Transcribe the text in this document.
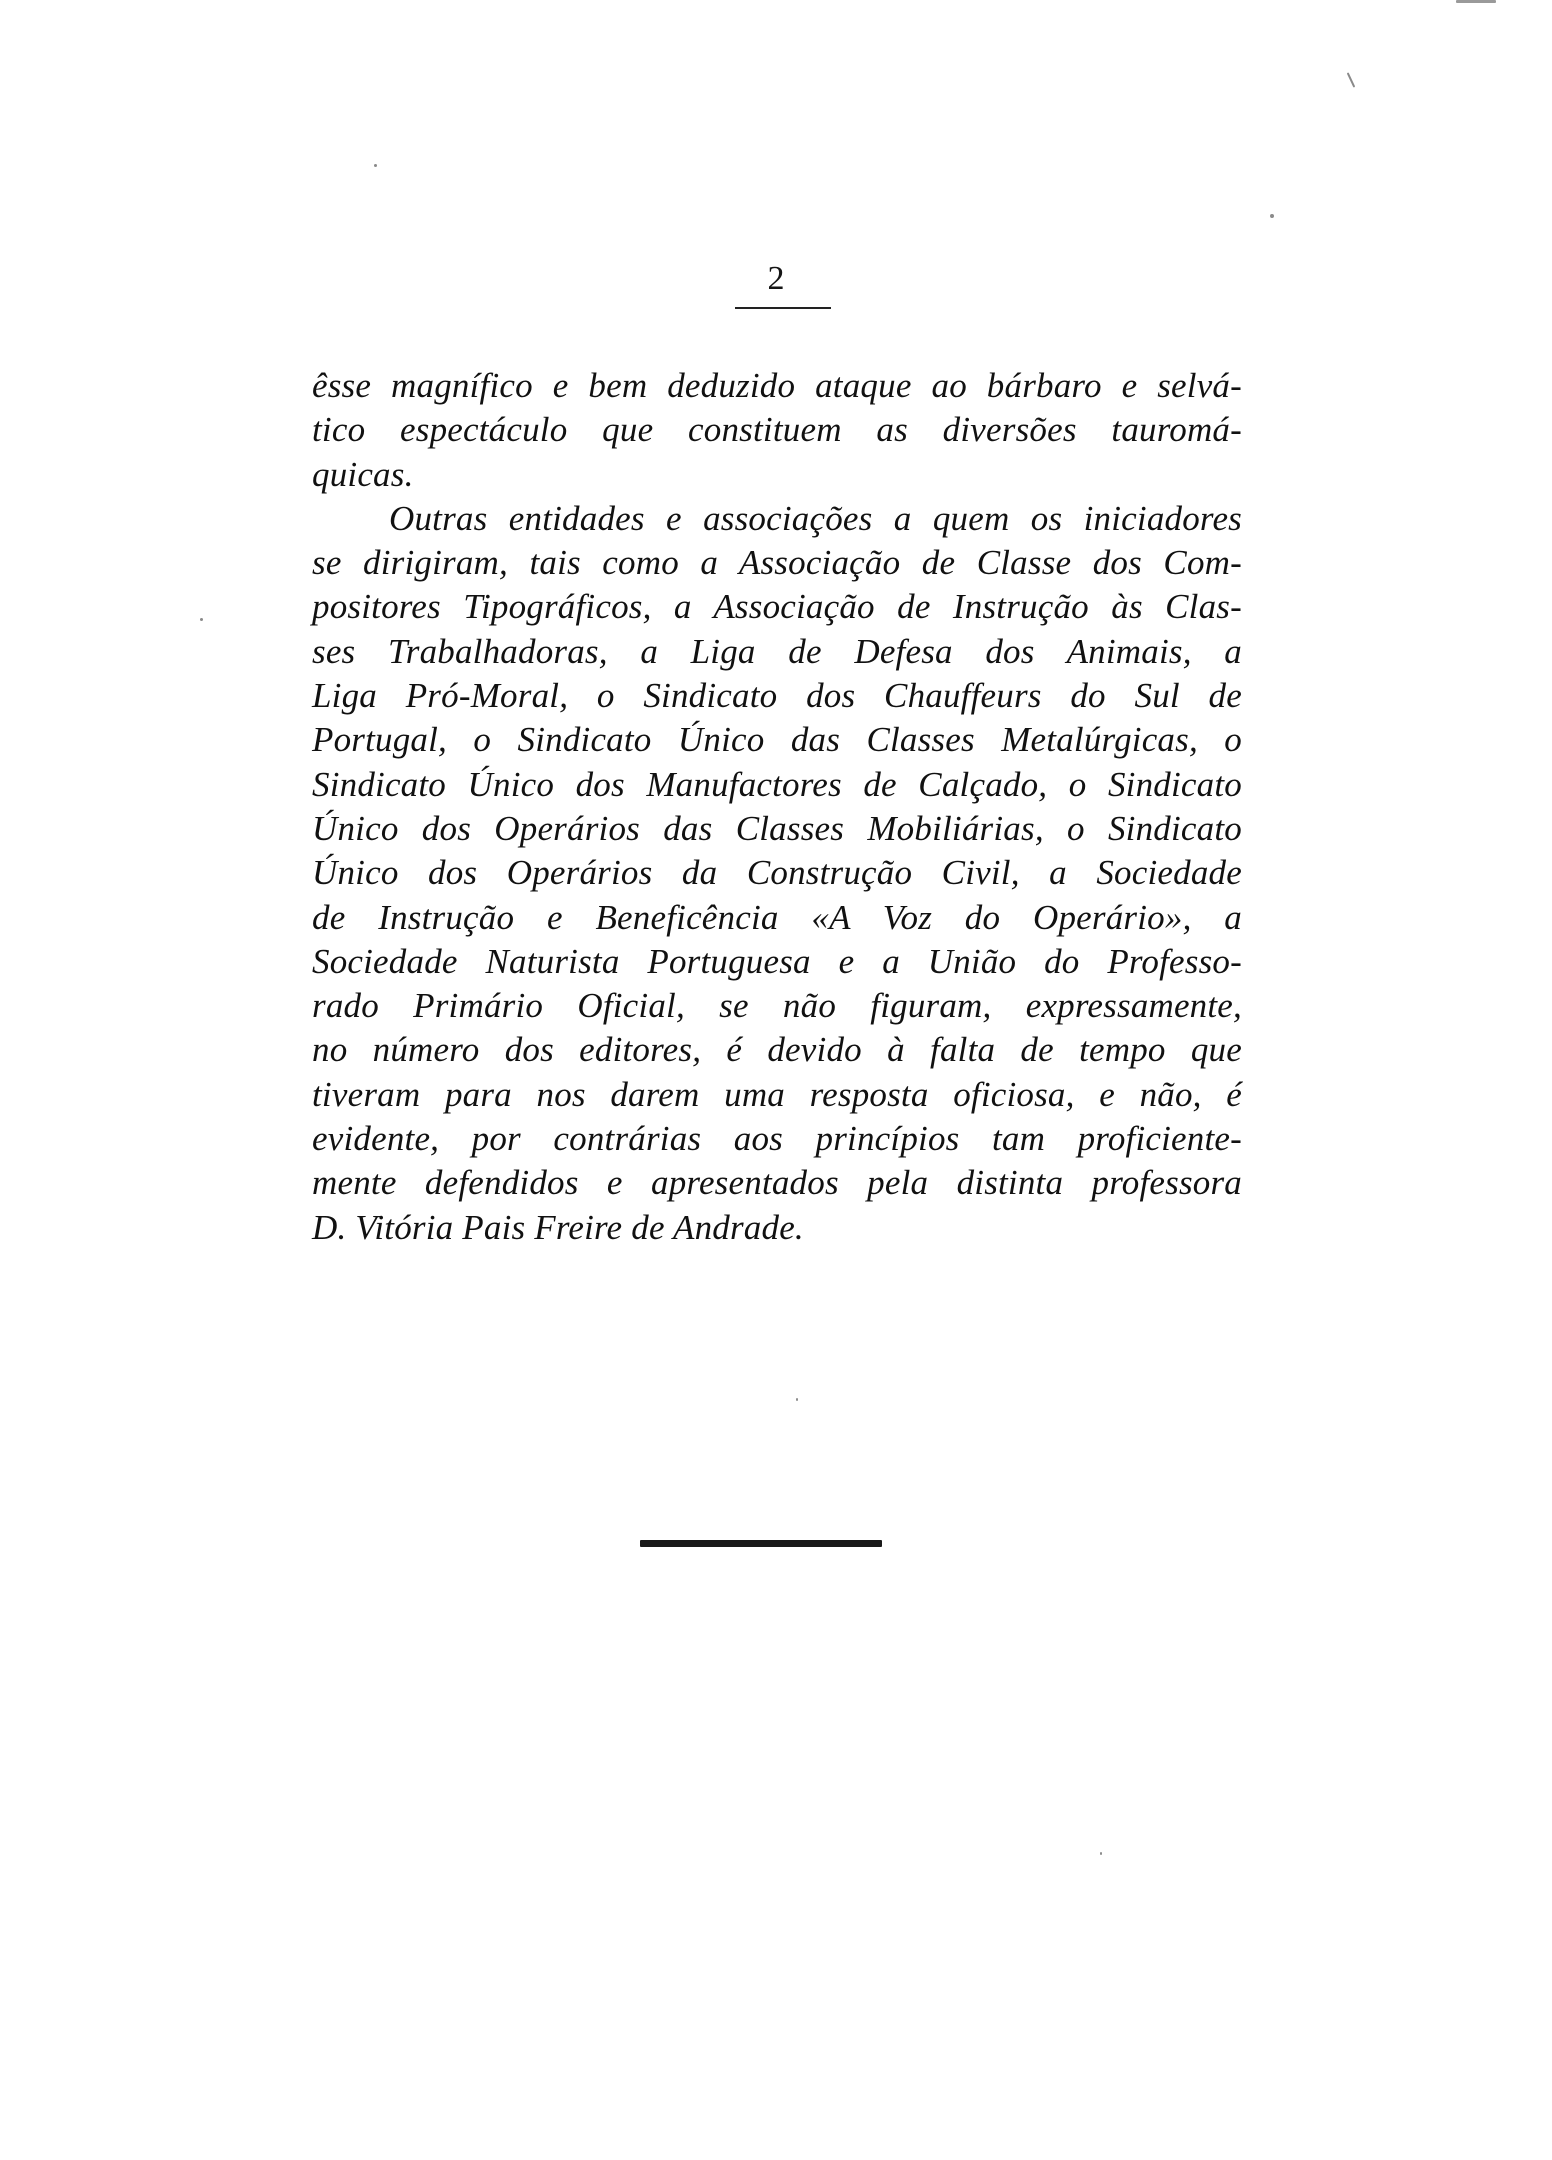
2
êsse magnífico e bem deduzido ataque ao bárbaro e selvá-
tico espectáculo que constituem as diversões tauromá-
quicas.
Outras entidades e associações a quem os iniciadores
se dirigiram, tais como a Associação de Classe dos Com-
positores Tipográficos, a Associação de Instrução às Clas-
ses Trabalhadoras, a Liga de Defesa dos Animais, a
Liga Pró-Moral, o Sindicato dos Chauffeurs do Sul de
Portugal, o Sindicato Único das Classes Metalúrgicas, o
Sindicato Único dos Manufactores de Calçado, o Sindicato
Único dos Operários das Classes Mobiliárias, o Sindicato
Único dos Operários da Construção Civil, a Sociedade
de Instrução e Beneficência «A Voz do Operário», a
Sociedade Naturista Portuguesa e a União do Professo-
rado Primário Oficial, se não figuram, expressamente,
no número dos editores, é devido à falta de tempo que
tiveram para nos darem uma resposta oficiosa, e não, é
evidente, por contrárias aos princípios tam proficiente-
mente defendidos e apresentados pela distinta professora
D. Vitória Pais Freire de Andrade.
